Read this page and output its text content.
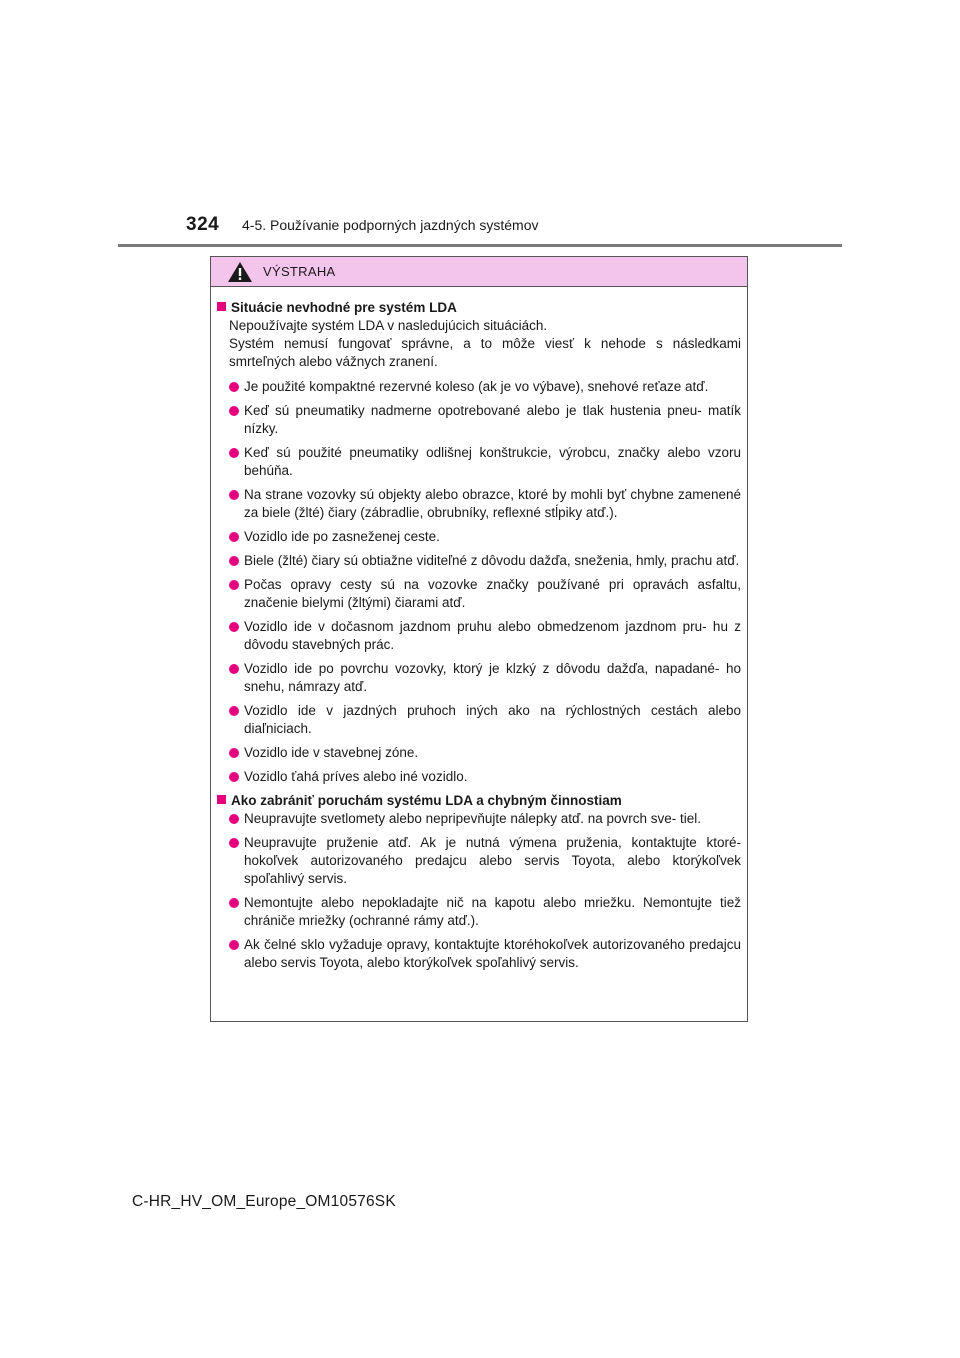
324	4-5. Používanie podporných jazdných systémov
VÝSTRAHA
Situácie nevhodné pre systém LDA
Nepoužívajte systém LDA v nasledujúcich situáciách.
Systém nemusí fungovať správne, a to môže viesť k nehode s následkami smrteľných alebo vážnych zranení.
Je použité kompaktné rezervné koleso (ak je vo výbave), snehové reťaze atď.
Keď sú pneumatiky nadmerne opotrebované alebo je tlak hustenia pneu- matík nízky.
Keď sú použité pneumatiky odlišnej konštrukcie, výrobcu, značky alebo vzoru behúňa.
Na strane vozovky sú objekty alebo obrazce, ktoré by mohli byť chybne zamenené za biele (žlté) čiary (zábradlie, obrubníky, reflexné stĺpiky atď.).
Vozidlo ide po zasneženej ceste.
Biele (žlté) čiary sú obtiažne viditeľné z dôvodu dažďa, sneženia, hmly, prachu atď.
Počas opravy cesty sú na vozovke značky používané pri opravách asfaltu, značenie bielymi (žltými) čiarami atď.
Vozidlo ide v dočasnom jazdnom pruhu alebo obmedzenom jazdnom pru- hu z dôvodu stavebných prác.
Vozidlo ide po povrchu vozovky, ktorý je klzký z dôvodu dažďa, napadané- ho snehu, námrazy atď.
Vozidlo ide v jazdných pruhoch iných ako na rýchlostných cestách alebo diaľniciach.
Vozidlo ide v stavebnej zóne.
Vozidlo ťahá príves alebo iné vozidlo.
Ako zabrániť poruchám systému LDA a chybným činnostiam
Neupravujte svetlomety alebo nepripevňujte nálepky atď. na povrch sve- tiel.
Neupravujte pruženie atď. Ak je nutná výmena pruženia, kontaktujte ktoré- hokoľvek autorizovaného predajcu alebo servis Toyota, alebo ktorýkoľvek spoľahlivý servis.
Nemontujte alebo nepokladajte nič na kapotu alebo mriežku. Nemontujte tiež chrániče mriežky (ochranné rámy atď.).
Ak čelné sklo vyžaduje opravy, kontaktujte ktoréhokoľvek autorizovaného predajcu alebo servis Toyota, alebo ktorýkoľvek spoľahlivý servis.
C-HR_HV_OM_Europe_OM10576SK
